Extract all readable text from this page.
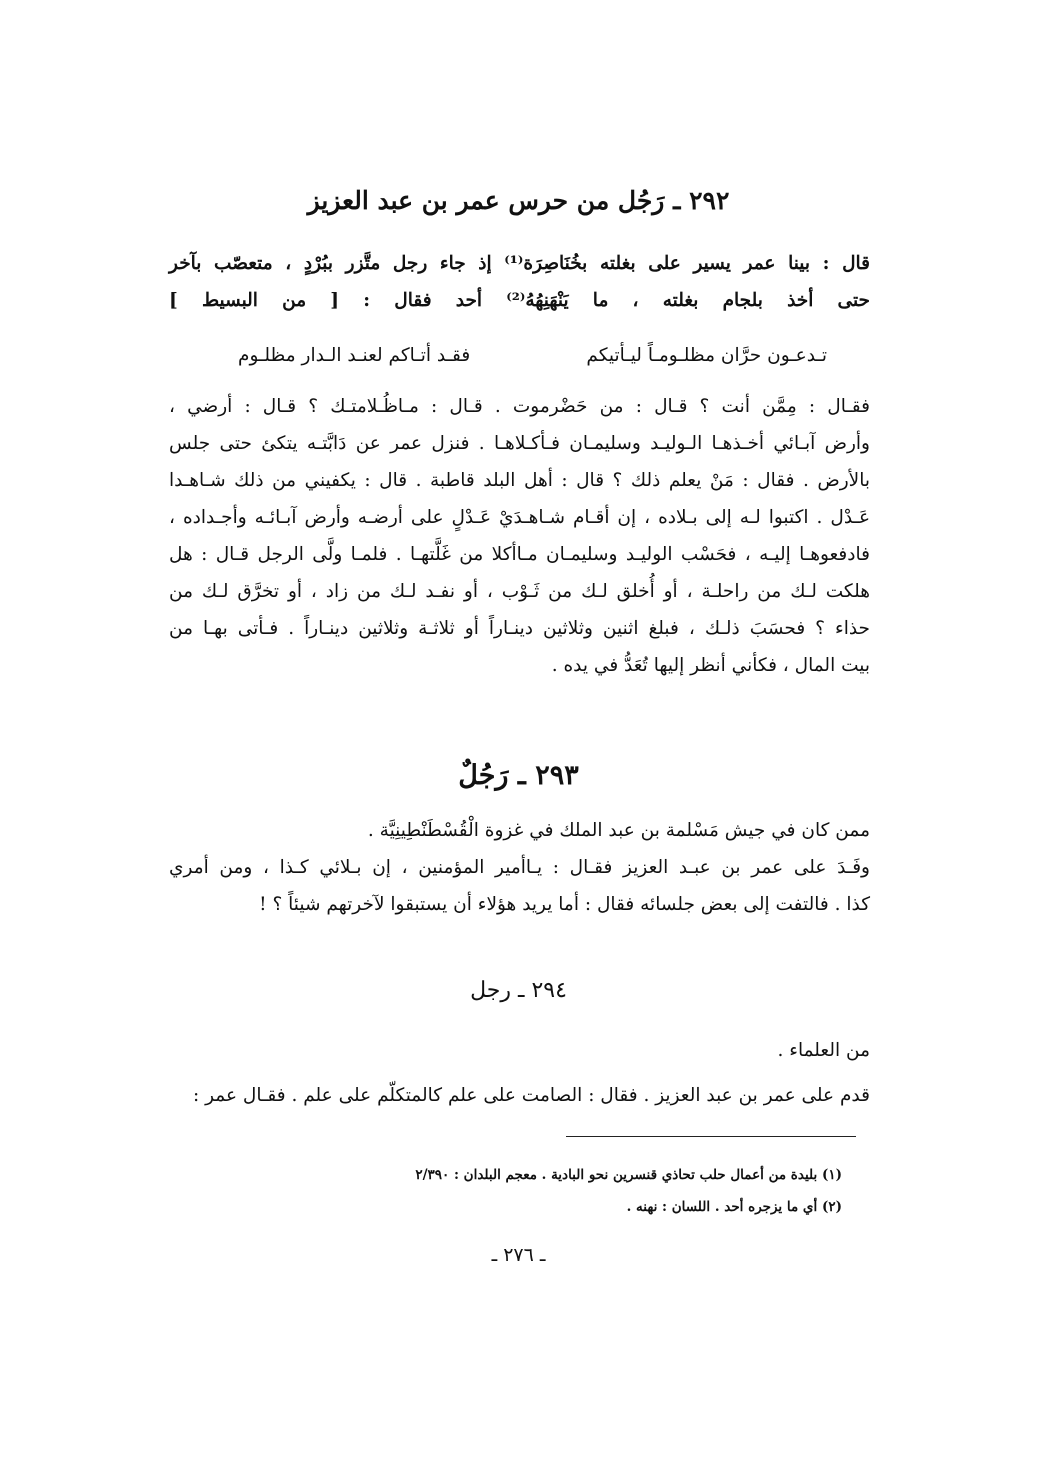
٢٩٢ ـ رَجُل من حرس عمر بن عبد العزيز

قال : بينا عمر يسير على بغلته بخُنَاصِرَة⁽¹⁾ إذ جاء رجل متَّزر ببُرْدٍ ، متعصّب بآخر

حتى أخذ بلجام بغلته ، ما يَنْهَنِهُهُ⁽²⁾ أحد فقال : [ من البسيط ]

تـدعـون حرَّان مظلـومـاً ليـأتيكم
فقـد أتـاكم لعنـد الـدار مظلـوم

فقـال : مِمَّن أنت ؟ قـال : من حَضْرموت . قـال : مـاظُـلامتـك ؟ قـال : أرضي ،

وأرض آبـائي أخـذهـا الـوليـد وسليمـان فـأكـلاهـا . فنزل عمر عن دَابَّتـه يتكئ حتى جلس

بالأرض . فقال : مَنْ يعلم ذلك ؟ قال : أهل البلد قاطبة . قال : يكفيني من ذلك شـاهـدا

عَـدْل . اكتبوا لـه إلى بـلاده ، إن أقـام شـاهـدَيْ عَـدْلٍ على أرضـه وأرض آبـائـه وأجـداده ،

فادفعوهـا إليـه ، فحَسْب الوليـد وسليمـان مـاأكلا من غَلَّتهـا . فلمـا ولَّى الرجل قـال : هل

هلكت لـك من راحلـة ، أو أُخلق لـك من ثَـوْب ، أو نفـد لـك من زاد ، أو تخرَّق لـك من

حذاء ؟ فحسَبَ ذلـك ، فبلغ اثنين وثلاثين دينـاراً أو ثلاثـة وثلاثين دينـاراً . فـأتى بهـا من

بيت المال ، فكأني أنظر إليها تُعَدُّ في يده .

٢٩٣ ـ رَجُلٌ

ممن كان في جيش مَسْلمة بن عبد الملك في غزوة الْقُسْطَنْطِينِيَّة .

وفَـدَ على عمر بن عبـد العزيز فقـال : يـاأمير المؤمنين ، إن بـلائي كـذا ، ومن أمري

كذا . فالتفت إلى بعض جلسائه فقال : أما يريد هؤلاء أن يستبقوا لآخرتهم شيئاً ؟ !

٢٩٤ ـ رجل

من العلماء .

قدم على عمر بن عبد العزيز . فقال : الصامت على علم كالمتكلّم على علم . فقـال عمر :

(١) بليدة من أعمال حلب تحاذي قنسرين نحو البادية . معجم البلدان : ٢/٣٩٠

(٢) أي ما يزجره أحد . اللسان : نهنه .

ـ ٢٧٦ ـ
